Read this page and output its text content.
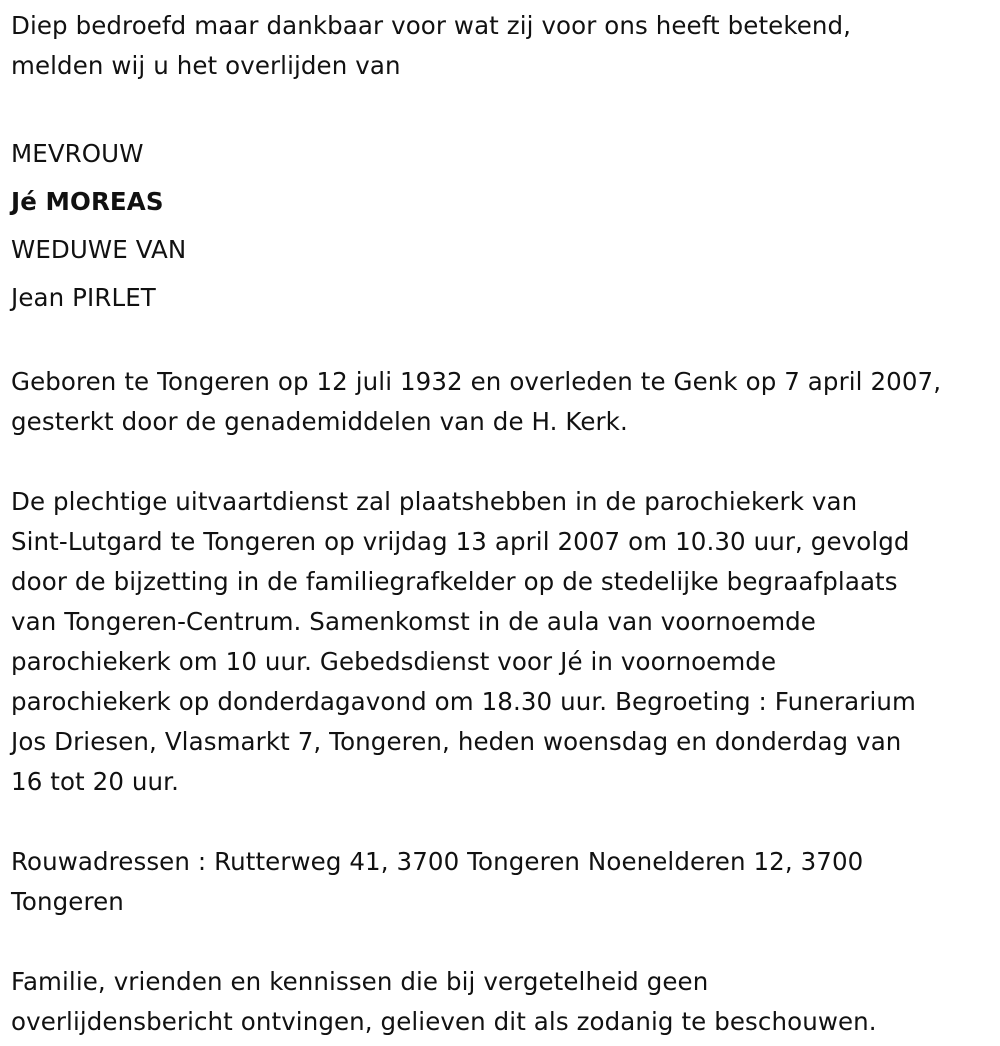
Diep bedroefd maar dankbaar voor wat zij voor ons heeft betekend,

melden wij u het overlijden van

MEVROUW

Jé MOREAS

WEDUWE VAN

Jean PIRLET

Geboren te Tongeren op 12 juli 1932 en overleden te Genk op 7 april 2007,

gesterkt door de genademiddelen van de H. Kerk.

De plechtige uitvaartdienst zal plaatshebben in de parochiekerk van

Sint-Lutgard te Tongeren op vrijdag 13 april 2007 om 10.30 uur, gevolgd

door de bijzetting in de familiegrafkelder op de stedelijke begraafplaats

van Tongeren-Centrum. Samenkomst in de aula van voornoemde

parochiekerk om 10 uur. Gebedsdienst voor Jé in voornoemde

parochiekerk op donderdagavond om 18.30 uur. Begroeting : Funerarium

Jos Driesen, Vlasmarkt 7, Tongeren, heden woensdag en donderdag van

16 tot 20 uur.

Rouwadressen : Rutterweg 41, 3700 Tongeren Noenelderen 12, 3700

Tongeren

Familie, vrienden en kennissen die bij vergetelheid geen

overlijdensbericht ontvingen, gelieven dit als zodanig te beschouwen.
